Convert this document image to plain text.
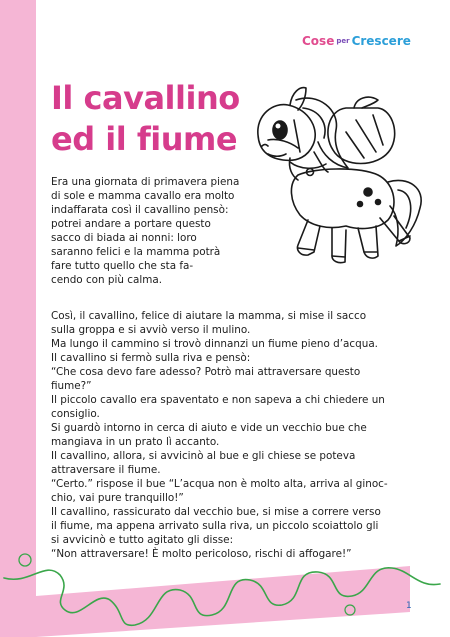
Cose per Crescere
Il cavallino
ed il fiume
Era una giornata di primavera piena
di sole e mamma cavallo era molto
indaffarata così il cavallino pensò:
potrei andare a portare questo
sacco di biada ai nonni: loro
saranno felici e la mamma potrà
fare tutto quello che sta fa-
cendo con più calma.
Così, il cavallino, felice di aiutare la mamma, si mise il sacco
sulla groppa e si avviò verso il mulino.
Ma lungo il cammino si trovò dinnanzi un fiume pieno d’acqua.
Il cavallino si fermò sulla riva e pensò:
“Che cosa devo fare adesso? Potrò mai attraversare questo
fiume?”
Il piccolo cavallo era spaventato e non sapeva a chi chiedere un
consiglio.
Si guardò intorno in cerca di aiuto e vide un vecchio bue che
mangiava in un prato lì accanto.
Il cavallino, allora, si avvicinò al bue e gli chiese se poteva
attraversare il fiume.
“Certo.” rispose il bue “L’acqua non è molto alta, arriva al ginoc-
chio, vai pure tranquillo!”
Il cavallino, rassicurato dal vecchio bue, si mise a correre verso
il fiume, ma appena arrivato sulla riva, un piccolo scoiattolo gli
si avvicinò e tutto agitato gli disse:
“Non attraversare! È molto pericoloso, rischi di affogare!”
1
